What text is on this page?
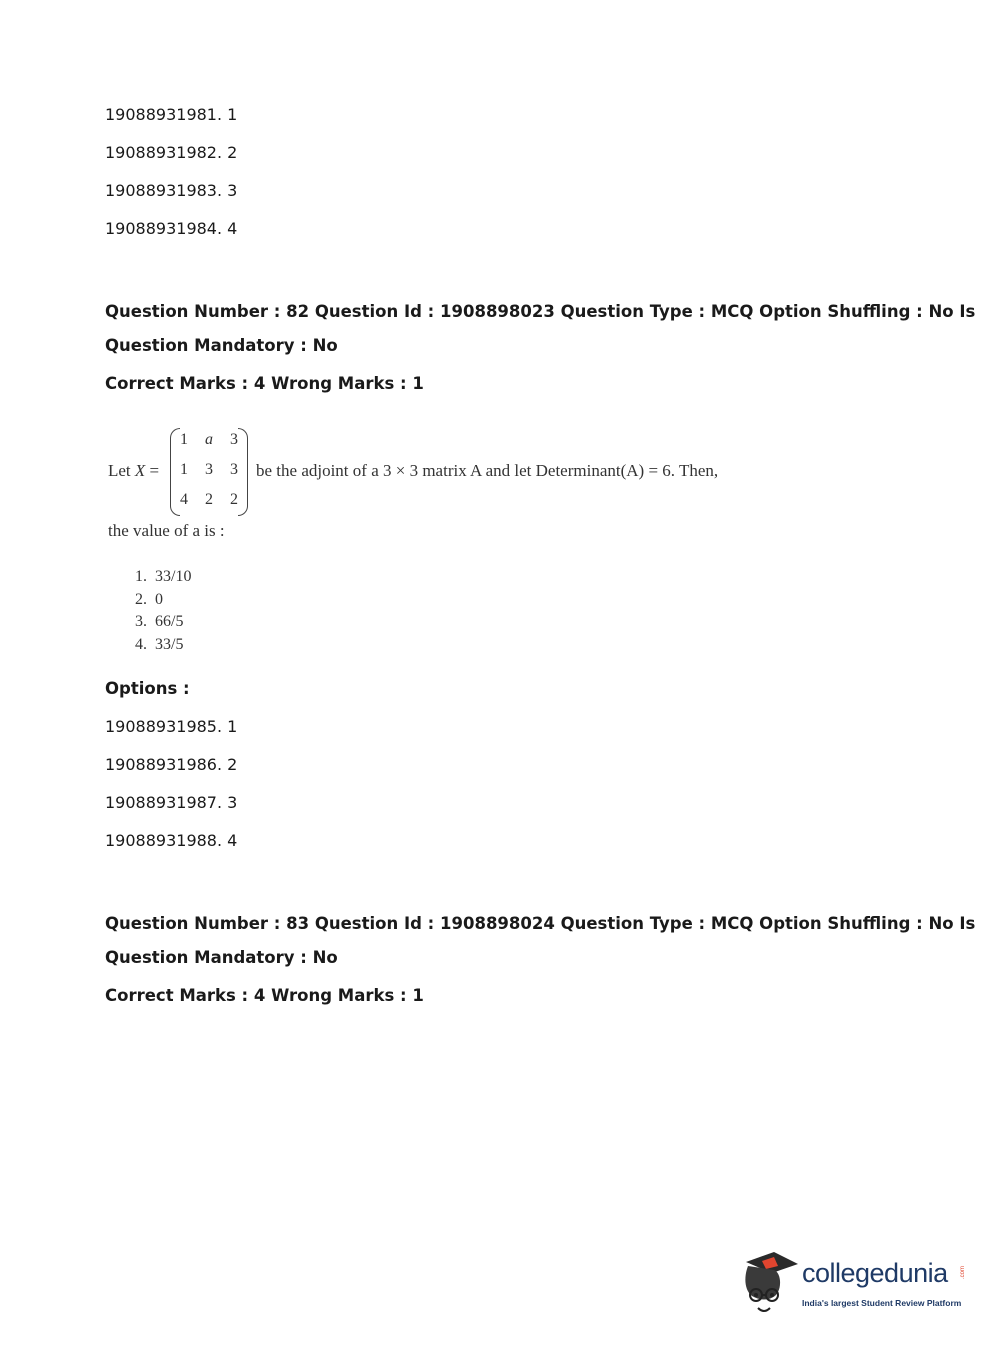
19088931981. 1
19088931982. 2
19088931983. 3
19088931984. 4
Question Number : 82 Question Id : 1908898023 Question Type : MCQ Option Shuffling : No Is
Question Mandatory : No
Correct Marks : 4 Wrong Marks : 1
Let X =
1	a	3
1	3	3
4	2	2
be the adjoint of a 3 × 3 matrix A and let Determinant(A) = 6. Then,
the value of a is :
1. 33/10
2. 0
3. 66/5
4. 33/5
Options :
19088931985. 1
19088931986. 2
19088931987. 3
19088931988. 4
Question Number : 83 Question Id : 1908898024 Question Type : MCQ Option Shuffling : No Is
Question Mandatory : No
Correct Marks : 4 Wrong Marks : 1
collegedunia .com
India's largest Student Review Platform
